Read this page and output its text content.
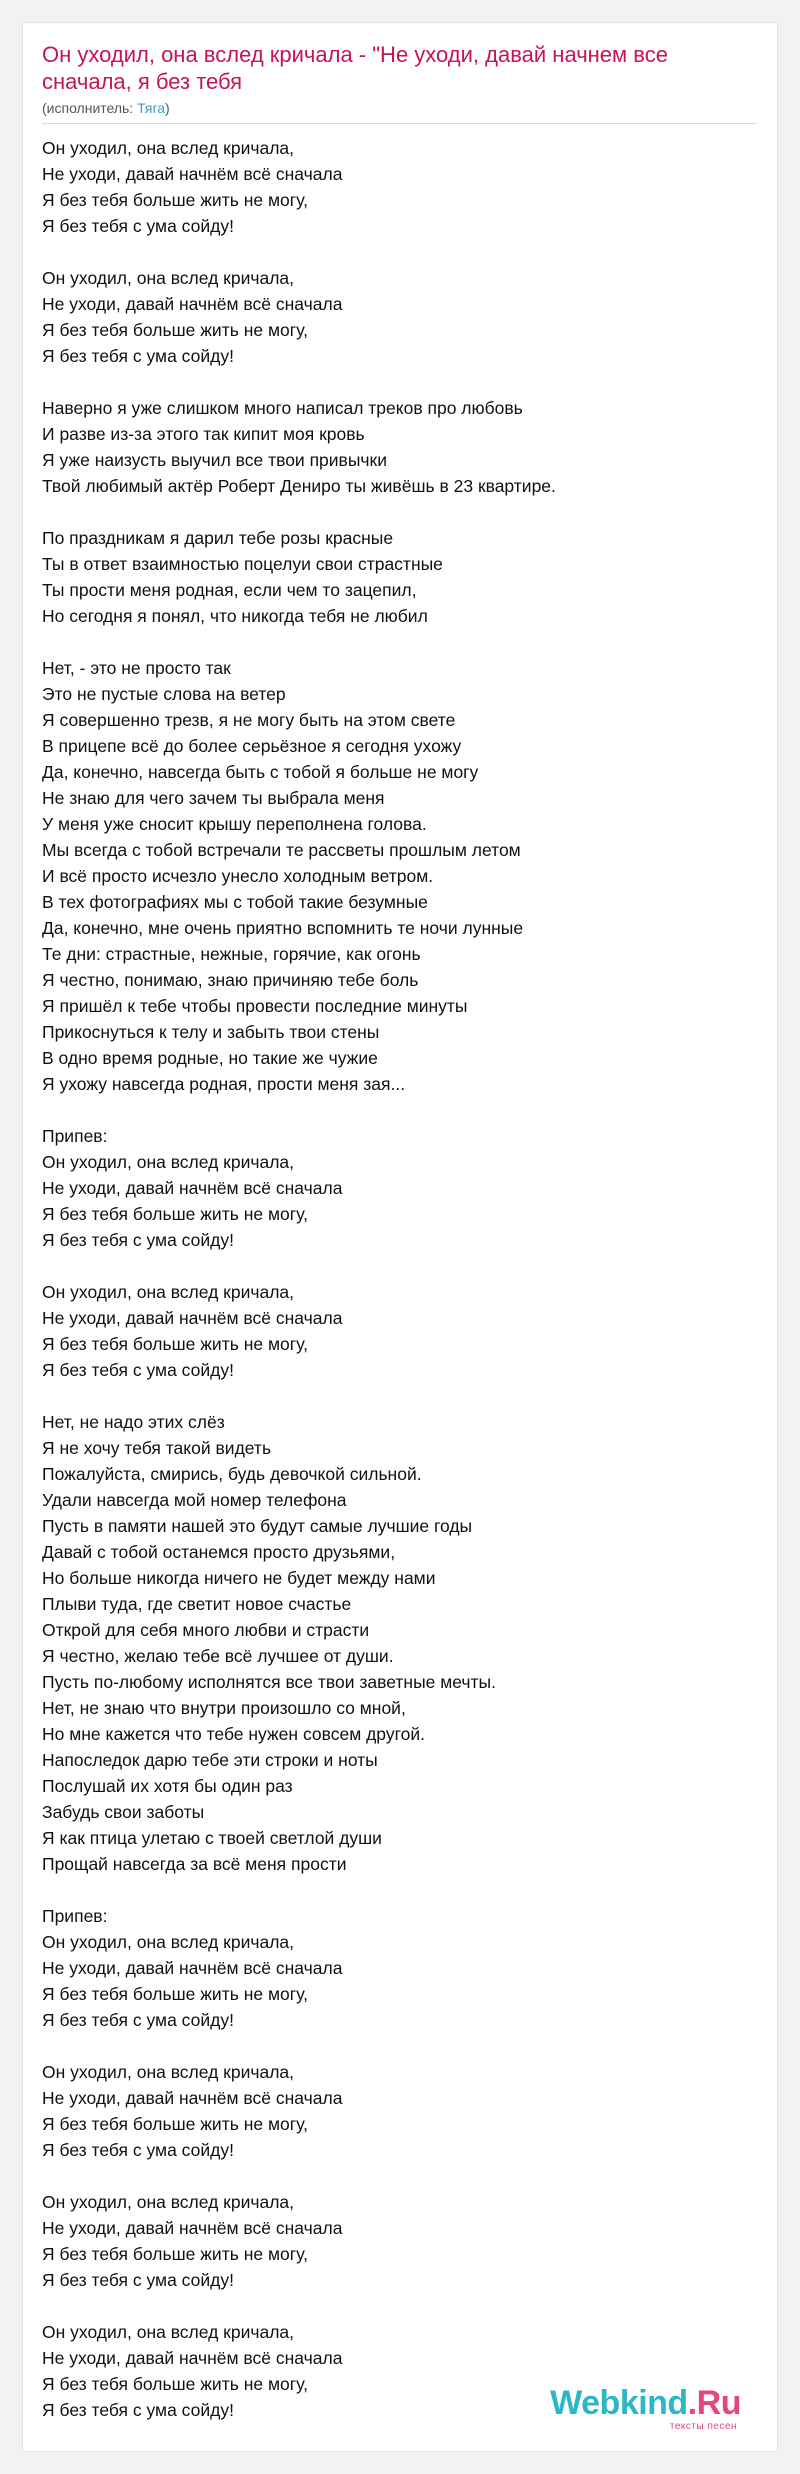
Он уходил, она вслед кричала - "Не уходи, давай начнем все сначала, я без тебя
(исполнитель: Тяга)
Он уходил, она вслед кричала,
Не уходи, давай начнём всё сначала
Я без тебя больше жить не могу,
Я без тебя с ума сойду!
Он уходил, она вслед кричала,
Не уходи, давай начнём всё сначала
Я без тебя больше жить не могу,
Я без тебя с ума сойду!
Наверно я уже слишком много написал треков про любовь
И разве из-за этого так кипит моя кровь
Я уже наизусть выучил все твои привычки
Твой любимый актёр Роберт Дениро ты живёшь в 23 квартире.
По праздникам я дарил тебе розы красные
Ты в ответ взаимностью поцелуи свои страстные
Ты прости меня родная, если чем то зацепил,
Но сегодня я понял, что никогда тебя не любил
Нет, - это не просто так
Это не пустые слова на ветер
Я совершенно трезв, я не могу быть на этом свете
В прицепе всё до более серьёзное я сегодня ухожу
Да, конечно, навсегда быть с тобой я больше не могу
Не знаю для чего зачем ты выбрала меня
У меня уже сносит крышу переполнена голова.
Мы всегда с тобой встречали те рассветы прошлым летом
И всё просто исчезло унесло холодным ветром.
В тех фотографиях мы с тобой такие безумные
Да, конечно, мне очень приятно вспомнить те ночи лунные
Те дни: страстные, нежные, горячие, как огонь
Я честно, понимаю, знаю причиняю тебе боль
Я пришёл к тебе чтобы провести последние минуты
Прикоснуться к телу и забыть твои стены
В одно время родные, но такие же чужие
Я ухожу навсегда родная, прости меня зая...
Припев:
Он уходил, она вслед кричала,
Не уходи, давай начнём всё сначала
Я без тебя больше жить не могу,
Я без тебя с ума сойду!
Он уходил, она вслед кричала,
Не уходи, давай начнём всё сначала
Я без тебя больше жить не могу,
Я без тебя с ума сойду!
Нет, не надо этих слёз
Я не хочу тебя такой видеть
Пожалуйста, смирись, будь девочкой сильной.
Удали навсегда мой номер телефона
Пусть в памяти нашей это будут самые лучшие годы
Давай с тобой останемся просто друзьями,
Но больше никогда ничего не будет между нами
Плыви туда, где светит новое счастье
Открой для себя много любви и страсти
Я честно, желаю тебе всё лучшее от души.
Пусть по-любому исполнятся все твои заветные мечты.
Нет, не знаю что внутри произошло со мной,
Но мне кажется что тебе нужен совсем другой.
Напоследок дарю тебе эти строки и ноты
Послушай их хотя бы один раз
Забудь свои заботы
Я как птица улетаю с твоей светлой души
Прощай навсегда за всё меня прости
Припев:
Он уходил, она вслед кричала,
Не уходи, давай начнём всё сначала
Я без тебя больше жить не могу,
Я без тебя с ума сойду!
Он уходил, она вслед кричала,
Не уходи, давай начнём всё сначала
Я без тебя больше жить не могу,
Я без тебя с ума сойду!
Он уходил, она вслед кричала,
Не уходи, давай начнём всё сначала
Я без тебя больше жить не могу,
Я без тебя с ума сойду!
Он уходил, она вслед кричала,
Не уходи, давай начнём всё сначала
Я без тебя больше жить не могу,
Я без тебя с ума сойду!	Webkind.Ru
тексты песен
